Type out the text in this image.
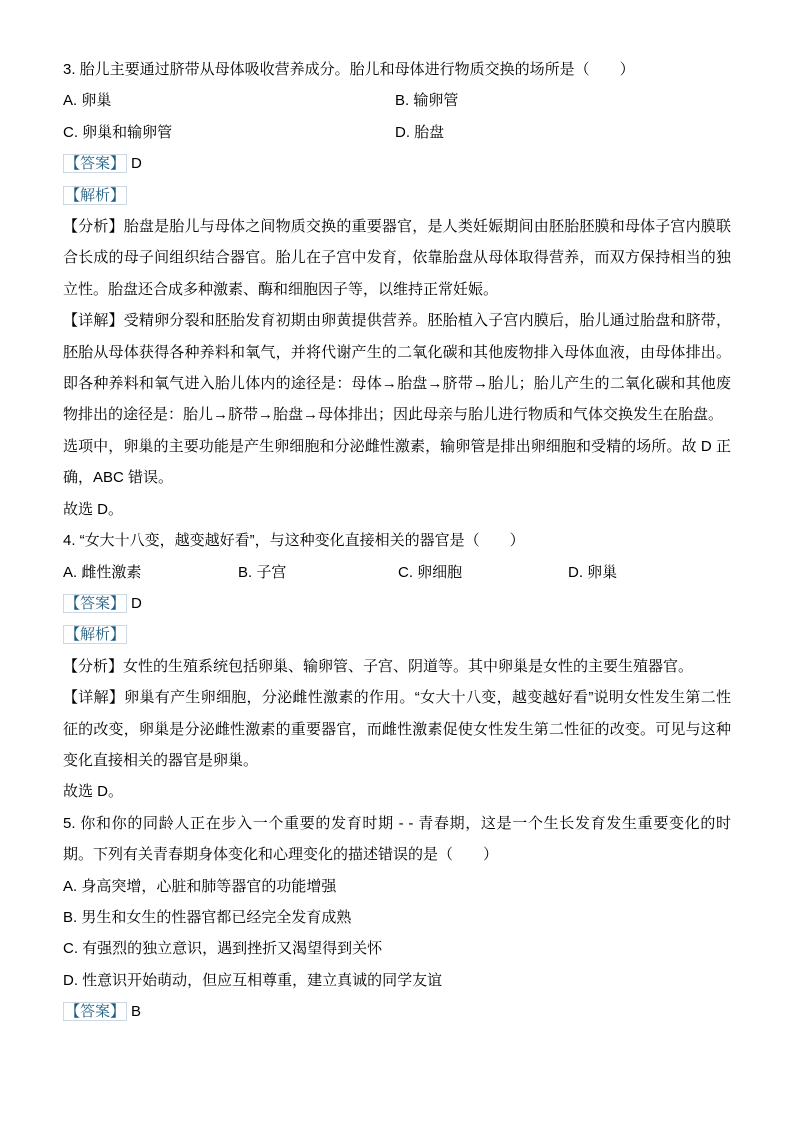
3. 胎儿主要通过脐带从母体吸收营养成分。胎儿和母体进行物质交换的场所是（　　）

A. 卵巢	B. 输卵管
C. 卵巢和输卵管	D. 胎盘

【答案】 D

【解析】

【分析】胎盘是胎儿与母体之间物质交换的重要器官，是人类妊娠期间由胚胎胚膜和母体子宫内膜联合长成的母子间组织结合器官。胎儿在子宫中发育，依靠胎盘从母体取得营养，而双方保持相当的独立性。胎盘还合成多种激素、酶和细胞因子等，以维持正常妊娠。

【详解】受精卵分裂和胚胎发育初期由卵黄提供营养。胚胎植入子宫内膜后，胎儿通过胎盘和脐带，胚胎从母体获得各种养料和氧气，并将代谢产生的二氧化碳和其他废物排入母体血液，由母体排出。即各种养料和氧气进入胎儿体内的途径是：母体→胎盘→脐带→胎儿；胎儿产生的二氧化碳和其他废物排出的途径是：胎儿→脐带→胎盘→母体排出；因此母亲与胎儿进行物质和气体交换发生在胎盘。

选项中，卵巢的主要功能是产生卵细胞和分泌雌性激素，输卵管是排出卵细胞和受精的场所。故 D 正确，ABC 错误。

故选 D。

4. “女大十八变，越变越好看”，与这种变化直接相关的器官是（　　）

A. 雌性激素	B. 子宫	C. 卵细胞	D. 卵巢

【答案】 D

【解析】

【分析】女性的生殖系统包括卵巢、输卵管、子宫、阴道等。其中卵巢是女性的主要生殖器官。

【详解】卵巢有产生卵细胞，分泌雌性激素的作用。“女大十八变，越变越好看”说明女性发生第二性征的改变，卵巢是分泌雌性激素的重要器官，而雌性激素促使女性发生第二性征的改变。可见与这种变化直接相关的器官是卵巢。

故选 D。

5. 你和你的同龄人正在步入一个重要的发育时期 - - 青春期，这是一个生长发育发生重要变化的时期。下列有关青春期身体变化和心理变化的描述错误的是（　　）

A. 身高突增，心脏和肺等器官的功能增强

B. 男生和女生的性器官都已经完全发育成熟

C. 有强烈的独立意识，遇到挫折又渴望得到关怀

D. 性意识开始萌动，但应互相尊重，建立真诚的同学友谊

【答案】 B
